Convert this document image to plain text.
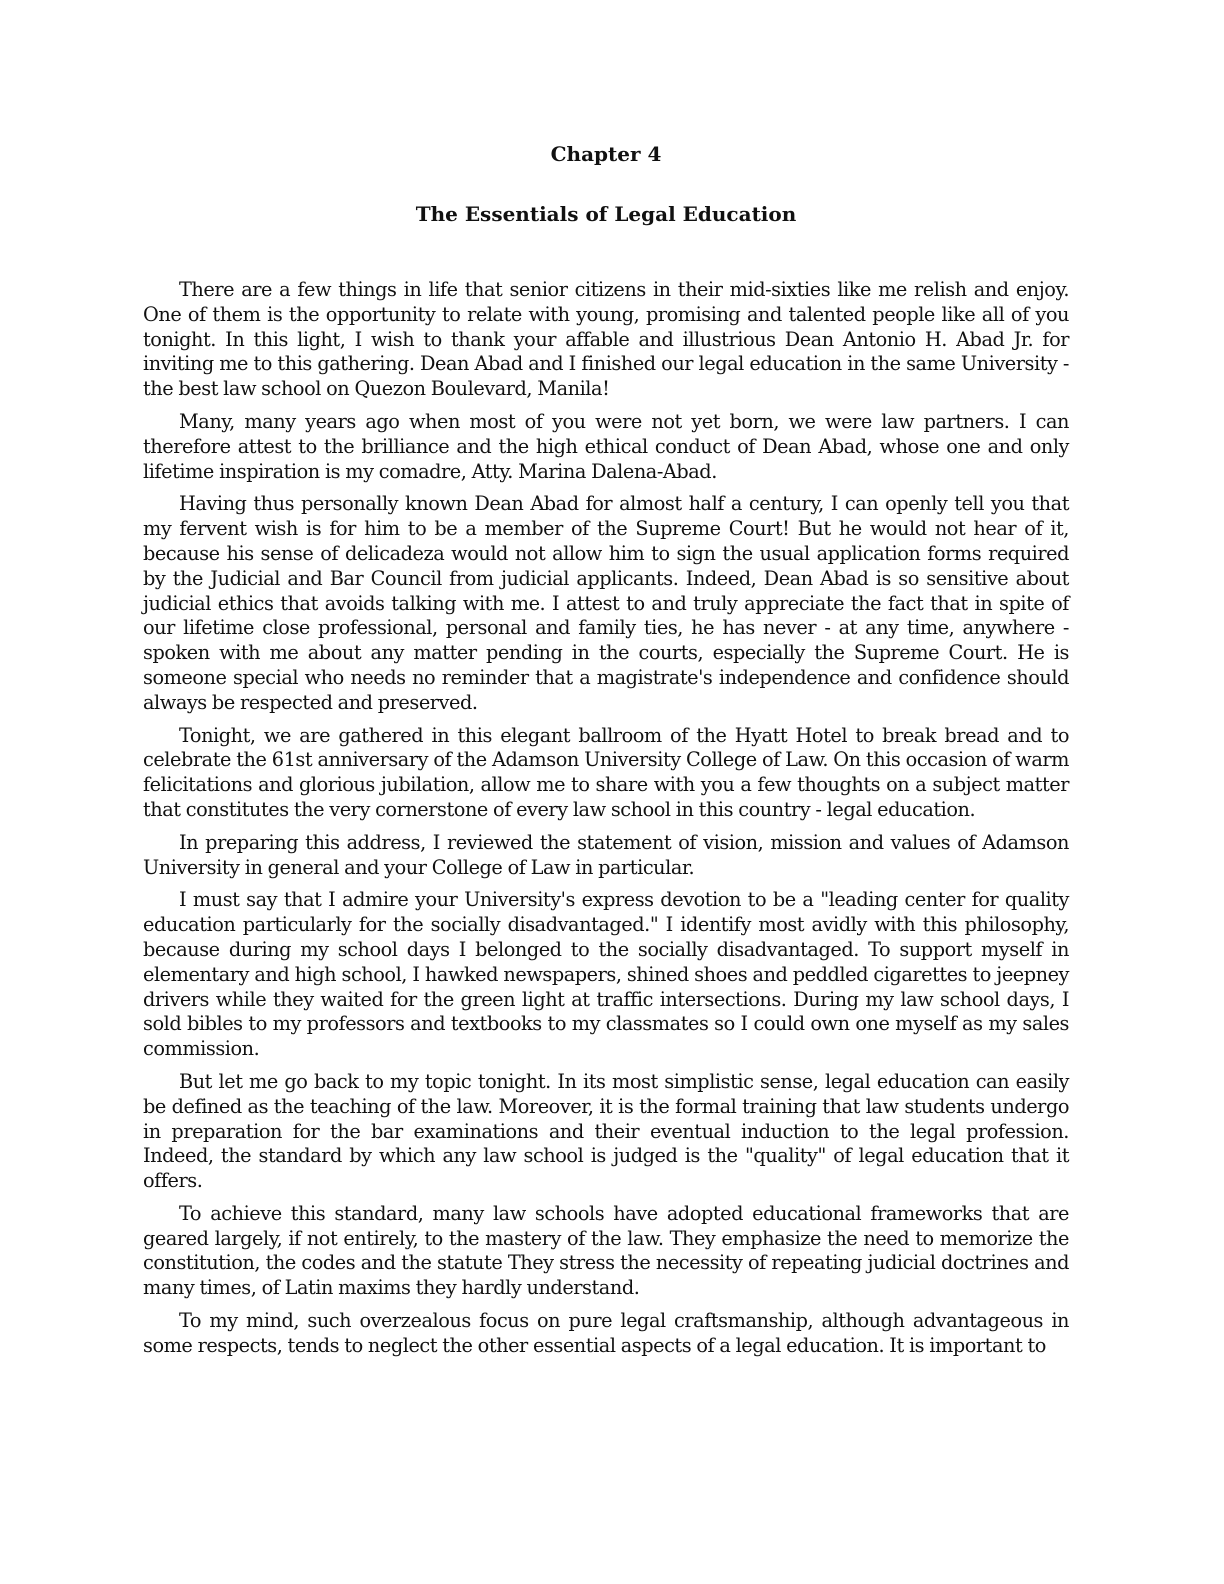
Chapter 4
The Essentials of Legal Education

There are a few things in life that senior citizens in their mid-sixties like me relish and enjoy. One of them is the opportunity to relate with young, promising and talented people like all of you tonight. In this light, I wish to thank your affable and illustrious Dean Antonio H. Abad Jr. for inviting me to this gathering. Dean Abad and I finished our legal education in the same University - the best law school on Quezon Boulevard, Manila!

Many, many years ago when most of you were not yet born, we were law partners. I can therefore attest to the brilliance and the high ethical conduct of Dean Abad, whose one and only lifetime inspiration is my comadre, Atty. Marina Dalena-Abad.

Having thus personally known Dean Abad for almost half a century, I can openly tell you that my fervent wish is for him to be a member of the Supreme Court! But he would not hear of it, because his sense of delicadeza would not allow him to sign the usual application forms required by the Judicial and Bar Council from judicial applicants. Indeed, Dean Abad is so sensitive about judicial ethics that avoids talking with me. I attest to and truly appreciate the fact that in spite of our lifetime close professional, personal and family ties, he has never - at any time, anywhere - spoken with me about any matter pending in the courts, especially the Supreme Court. He is someone special who needs no reminder that a magistrate's independence and confidence should always be respected and preserved.

Tonight, we are gathered in this elegant ballroom of the Hyatt Hotel to break bread and to celebrate the 61st anniversary of the Adamson University College of Law. On this occasion of warm felicitations and glorious jubilation, allow me to share with you a few thoughts on a subject matter that constitutes the very cornerstone of every law school in this country - legal education.

In preparing this address, I reviewed the statement of vision, mission and values of Adamson University in general and your College of Law in particular.

I must say that I admire your University's express devotion to be a "leading center for quality education particularly for the socially disadvantaged." I identify most avidly with this philosophy, because during my school days I belonged to the socially disadvantaged. To support myself in elementary and high school, I hawked newspapers, shined shoes and peddled cigarettes to jeepney drivers while they waited for the green light at traffic intersections. During my law school days, I sold bibles to my professors and textbooks to my classmates so I could own one myself as my sales commission.

But let me go back to my topic tonight. In its most simplistic sense, legal education can easily be defined as the teaching of the law. Moreover, it is the formal training that law students undergo in preparation for the bar examinations and their eventual induction to the legal profession. Indeed, the standard by which any law school is judged is the "quality" of legal education that it offers.

To achieve this standard, many law schools have adopted educational frameworks that are geared largely, if not entirely, to the mastery of the law. They emphasize the need to memorize the constitution, the codes and the statute They stress the necessity of repeating judicial doctrines and many times, of Latin maxims they hardly understand.

To my mind, such overzealous focus on pure legal craftsmanship, although advantageous in some respects, tends to neglect the other essential aspects of a legal education. It is important to
